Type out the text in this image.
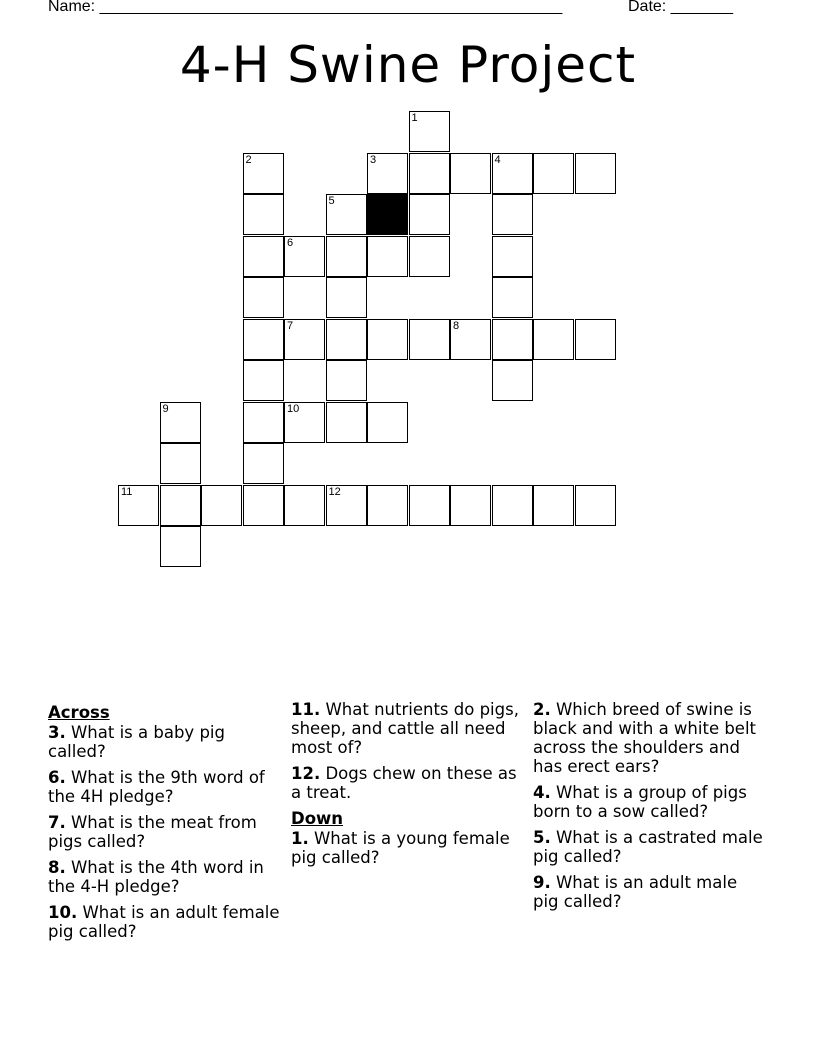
Name: ____________________________________________________	Date: _______
4-H Swine Project
1
2	3	4
5
6
7	8
9	10
11	12
Across
3. What is a baby pig called?
6. What is the 9th word of the 4H pledge?
7. What is the meat from pigs called?
8. What is the 4th word in the 4-H pledge?
10. What is an adult female pig called?
11. What nutrients do pigs, sheep, and cattle all need most of?
12. Dogs chew on these as a treat.
Down
1. What is a young female pig called?
2. Which breed of swine is black and with a white belt across the shoulders and has erect ears?
4. What is a group of pigs born to a sow called?
5. What is a castrated male pig called?
9. What is an adult male pig called?
